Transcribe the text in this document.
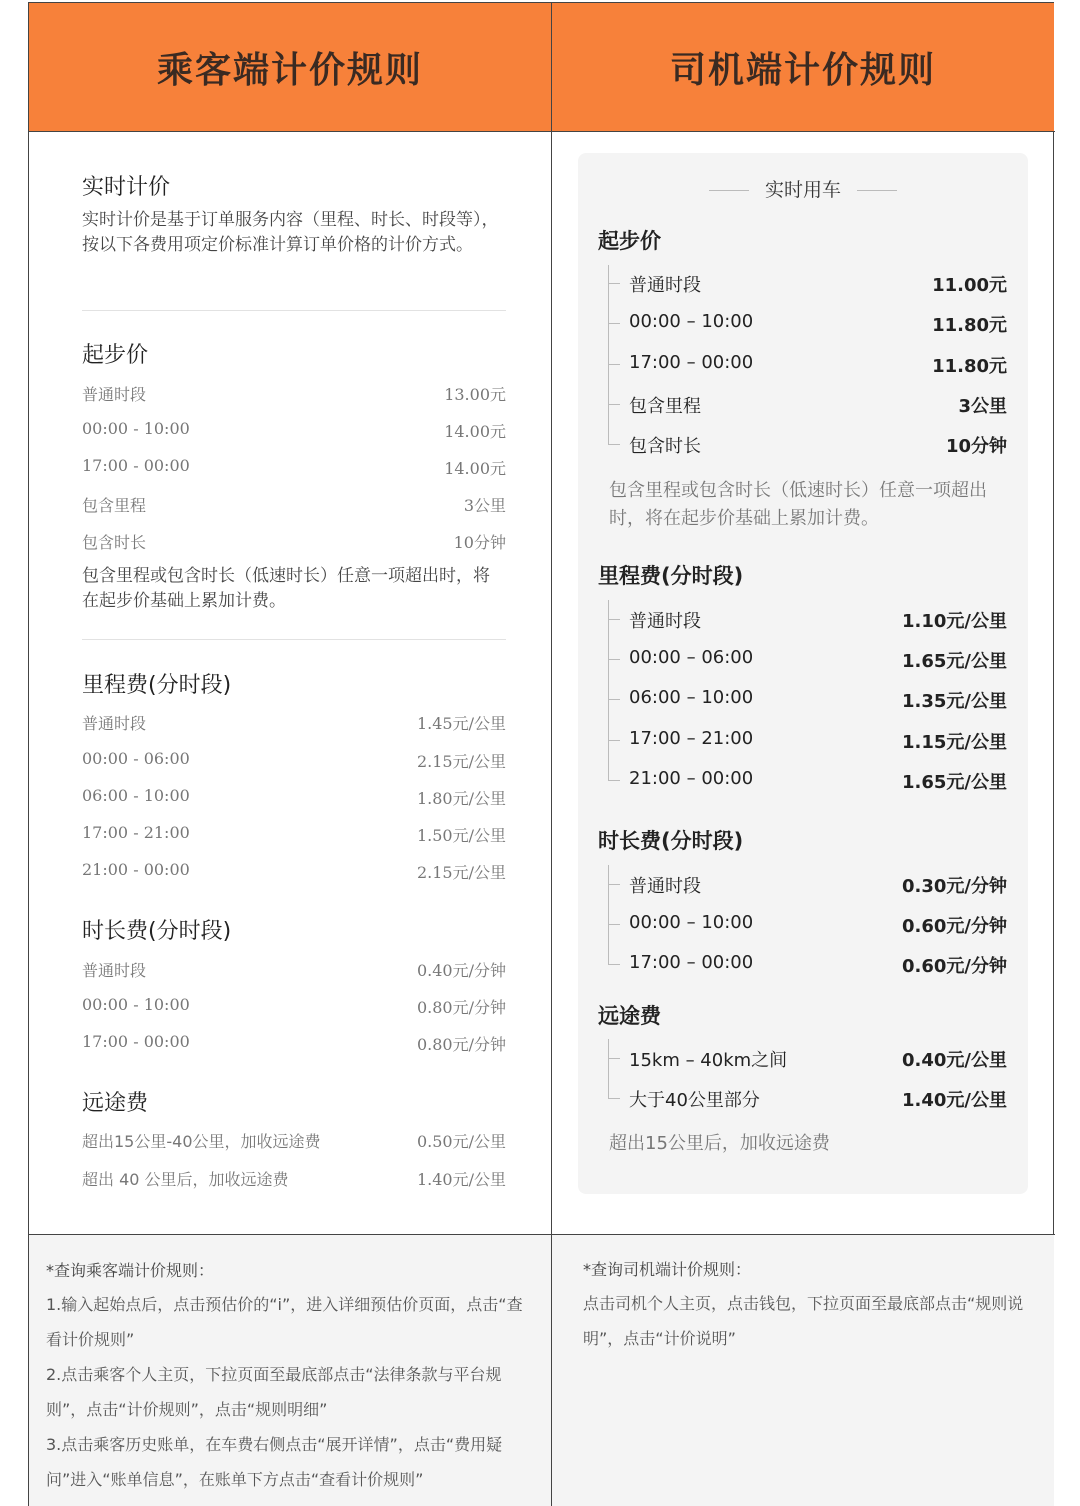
乘客端计价规则	司机端计价规则
实时计价
实时计价是基于订单服务内容（里程、时长、时段等），按以下各费用项定价标准计算订单价格的计价方式。
起步价
普通时段	13.00元
00:00 - 10:00	14.00元
17:00 - 00:00	14.00元
包含里程	3公里
包含时长	10分钟
包含里程或包含时长（低速时长）任意一项超出时，将在起步价基础上累加计费。
里程费(分时段)
普通时段	1.45元/公里
00:00 - 06:00	2.15元/公里
06:00 - 10:00	1.80元/公里
17:00 - 21:00	1.50元/公里
21:00 - 00:00	2.15元/公里
时长费(分时段)
普通时段	0.40元/分钟
00:00 - 10:00	0.80元/分钟
17:00 - 00:00	0.80元/分钟
远途费
超出15公里-40公里，加收远途费	0.50元/公里
超出 40 公里后，加收远途费	1.40元/公里
实时用车
起步价
普通时段	11.00元
00:00 – 10:00	11.80元
17:00 – 00:00	11.80元
包含里程	3公里
包含时长	10分钟
包含里程或包含时长（低速时长）任意一项超出时，将在起步价基础上累加计费。
里程费(分时段)
普通时段	1.10元/公里
00:00 – 06:00	1.65元/公里
06:00 – 10:00	1.35元/公里
17:00 – 21:00	1.15元/公里
21:00 – 00:00	1.65元/公里
时长费(分时段)
普通时段	0.30元/分钟
00:00 – 10:00	0.60元/分钟
17:00 – 00:00	0.60元/分钟
远途费
15km – 40km之间	0.40元/公里
大于40公里部分	1.40元/公里
超出15公里后，加收远途费
*查询乘客端计价规则：
1.输入起始点后，点击预估价的“i”，进入详细预估价页面，点击“查看计价规则”
2.点击乘客个人主页，下拉页面至最底部点击“法律条款与平台规则”，点击“计价规则”，点击“规则明细”
3.点击乘客历史账单，在车费右侧点击“展开详情”，点击“费用疑问”进入“账单信息”，在账单下方点击“查看计价规则”
*查询司机端计价规则：
点击司机个人主页，点击钱包，下拉页面至最底部点击“规则说明”，点击“计价说明”
